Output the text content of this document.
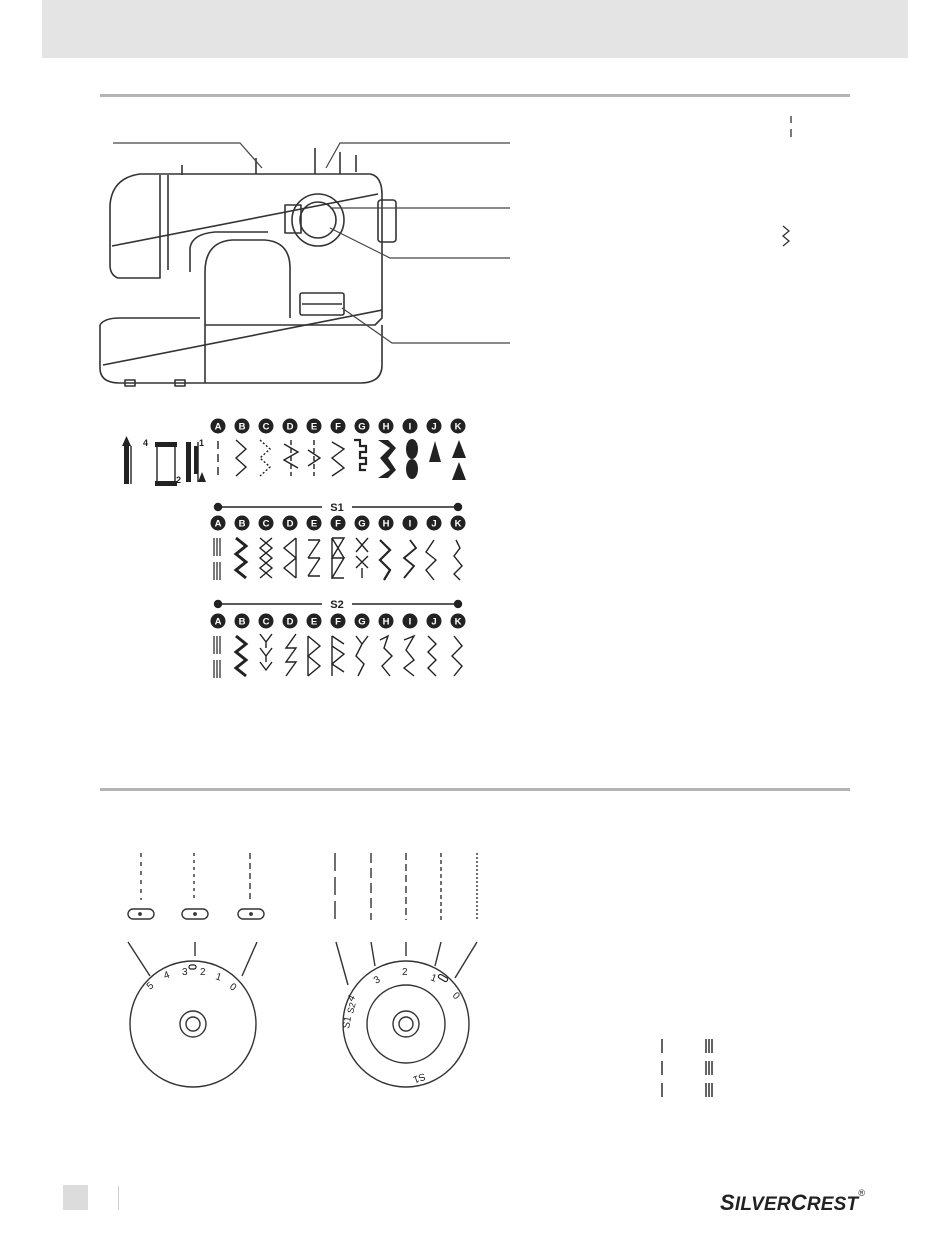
4	1
3	2
A B C D E F G H I J K
A B C D E F G H I J K
A B C D E F G H I J K
S1
S2
5
4 3 2 1
0
4
3
2 1
0
S1
S2
S1
SILVERCREST®
